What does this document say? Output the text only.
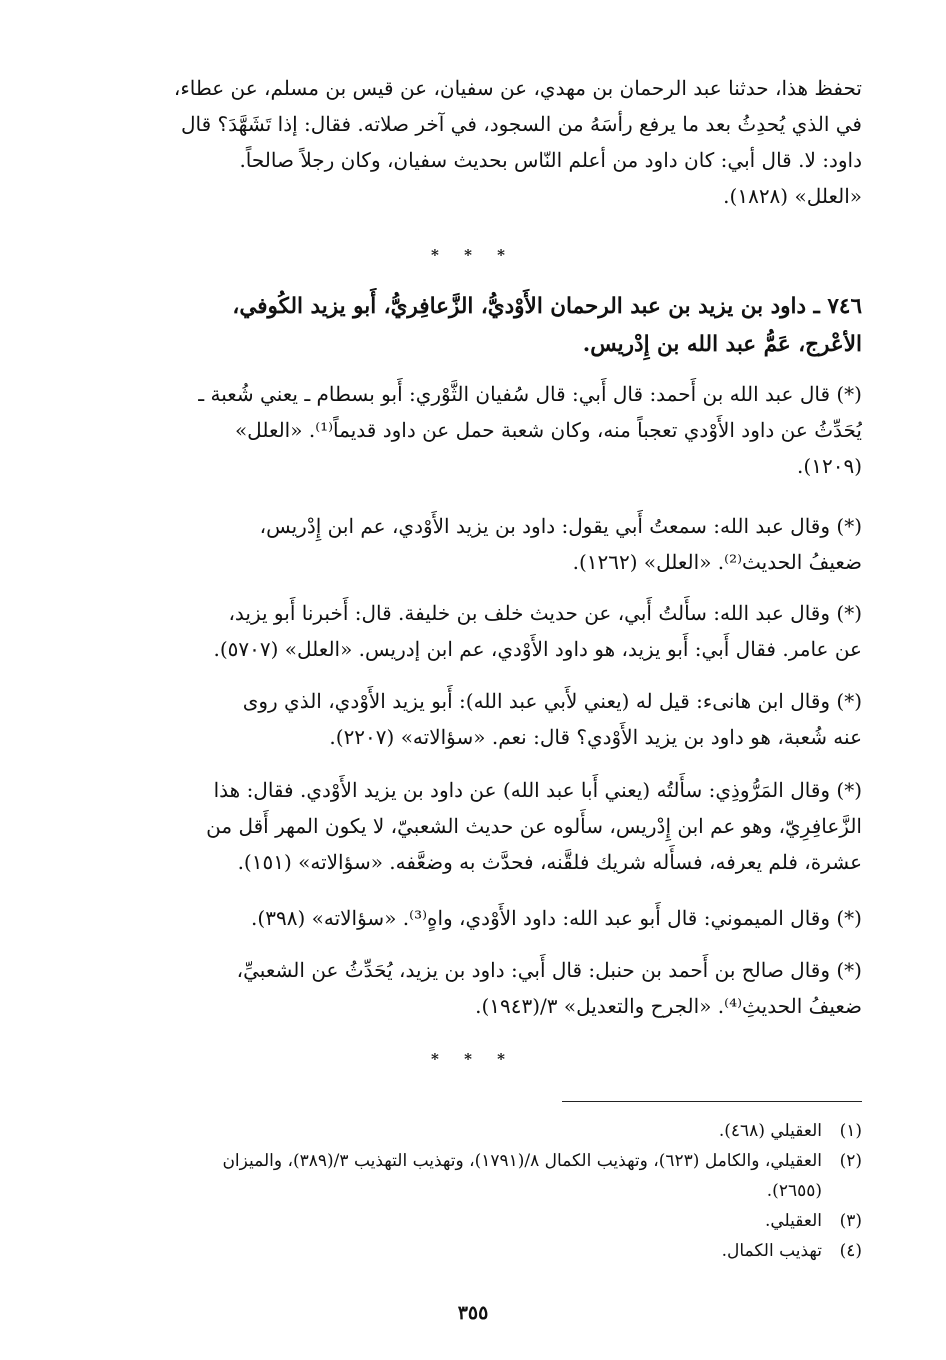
تحفظ هذا، حدثنا عبد الرحمان بن مهدي، عن سفيان، عن قيس بن مسلم، عن عطاء،
في الذي يُحدِثُ بعد ما يرفع رأسَهُ من السجود، في آخر صلاته. فقال: إذا تَشَهَّدَ؟ قال
داود: لا. قال أبي: كان داود من أعلم النّاس بحديث سفيان، وكان رجلاً صالحاً.
«العلل» (١٨٢٨).
* * *
٧٤٦ ـ داود بن يزيد بن عبد الرحمان الأَوْديُّ، الزَّعافِريُّ، أَبو يزيد الكُوفي،
الأعْرج، عَمُّ عبد الله بن إِدْريس.
(*) قال عبد الله بن أَحمد: قال أَبي: قال سُفيان الثَّوْري: أَبو بسطام ـ يعني شُعبة ـ
يُحَدِّثُ عن داود الأَوْدي تعجباً منه، وكان شعبة حمل عن داود قديماً⁽¹⁾. «العلل»
(١٢٠٩).
(*) وقال عبد الله: سمعتُ أَبي يقول: داود بن يزيد الأَوْدي، عم ابن إِدْريس،
ضعيفُ الحديث⁽²⁾. «العلل» (١٢٦٢).
(*) وقال عبد الله: سأَلتُ أَبي، عن حديث خلف بن خليفة. قال: أَخبرنا أَبو يزيد،
عن عامر. فقال أَبي: أَبو يزيد، هو داود الأَوْدي، عم ابن إدريس. «العلل» (٥٧٠٧).
(*) وقال ابن هانىء: قيل له (يعني لأَبي عبد الله): أَبو يزيد الأَوْدي، الذي روى
عنه شُعبة، هو داود بن يزيد الأَوْدي؟ قال: نعم. «سؤالاته» (٢٢٠٧).
(*) وقال المَرُّوذِي: سأَلتُه (يعني أَبا عبد الله) عن داود بن يزيد الأَوْدي. فقال: هذا
الزَّعافِرِيّ، وهو عم ابن إِدْريس، سأَلوه عن حديث الشعبيّ، لا يكون المهر أَقل من
عشرة، فلم يعرفه، فسأَله شريك فلقَّنه، فحدَّث به وضعَّفه. «سؤالاته» (١٥١).
(*) وقال الميموني: قال أَبو عبد الله: داود الأَوْدي، واهٍ⁽³⁾. «سؤالاته» (٣٩٨).
(*) وقال صالح بن أَحمد بن حنبل: قال أَبي: داود بن يزيد، يُحَدِّثُ عن الشعبيِّ،
ضعيفُ الحديثِ⁽⁴⁾. «الجرح والتعديل» ٣/(١٩٤٣).
* * *
(١)
العقيلي (٤٦٨).
(٢)
العقيلي، والكامل (٦٢٣)، وتهذيب الكمال ٨/(١٧٩١)، وتهذيب التهذيب ٣/(٣٨٩)، والميزان
(٢٦٥٥).
(٣)
العقيلي.
(٤)
تهذيب الكمال.
٣٥٥
